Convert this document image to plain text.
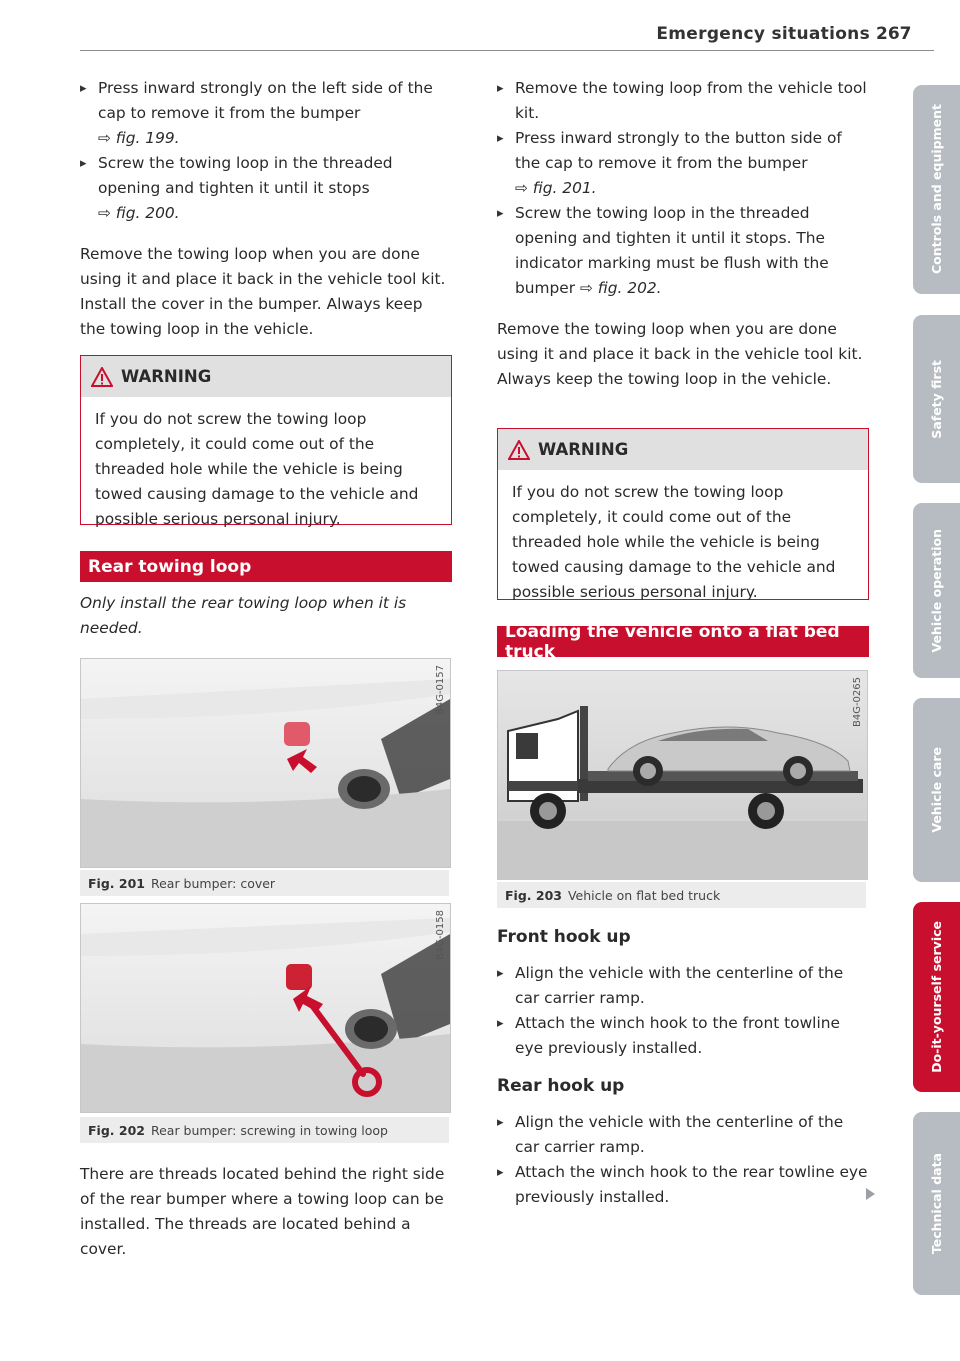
Emergency situations 267
▸ Press inward strongly on the left side of the cap to remove it from the bumper
⇨ fig. 199.
▸ Screw the towing loop in the threaded opening and tighten it until it stops
⇨ fig. 200.

Remove the towing loop when you are done using it and place it back in the vehicle tool kit. Install the cover in the bumper. Always keep the towing loop in the vehicle.

WARNING
If you do not screw the towing loop completely, it could come out of the threaded hole while the vehicle is being towed causing damage to the vehicle and possible serious personal injury.
Rear towing loop
Only install the rear towing loop when it is needed.
B4G-0157
Fig. 201 Rear bumper: cover
B4G-0158
Fig. 202 Rear bumper: screwing in towing loop
There are threads located behind the right side of the rear bumper where a towing loop can be installed. The threads are located behind a cover.
▸ Remove the towing loop from the vehicle tool kit.
▸ Press inward strongly to the button side of the cap to remove it from the bumper
⇨ fig. 201.
▸ Screw the towing loop in the threaded opening and tighten it until it stops. The indicator marking must be flush with the bumper ⇨ fig. 202.

Remove the towing loop when you are done using it and place it back in the vehicle tool kit. Always keep the towing loop in the vehicle.

WARNING
If you do not screw the towing loop completely, it could come out of the threaded hole while the vehicle is being towed causing damage to the vehicle and possible serious personal injury.
Loading the vehicle onto a flat bed truck
B4G-0265
Fig. 203 Vehicle on flat bed truck
Front hook up
▸ Align the vehicle with the centerline of the car carrier ramp.
▸ Attach the winch hook to the front towline eye previously installed.
Rear hook up
▸ Align the vehicle with the centerline of the car carrier ramp.
▸ Attach the winch hook to the rear towline eye previously installed.
Controls and equipment
Safety first
Vehicle operation
Vehicle care
Do-it-yourself service
Technical data
